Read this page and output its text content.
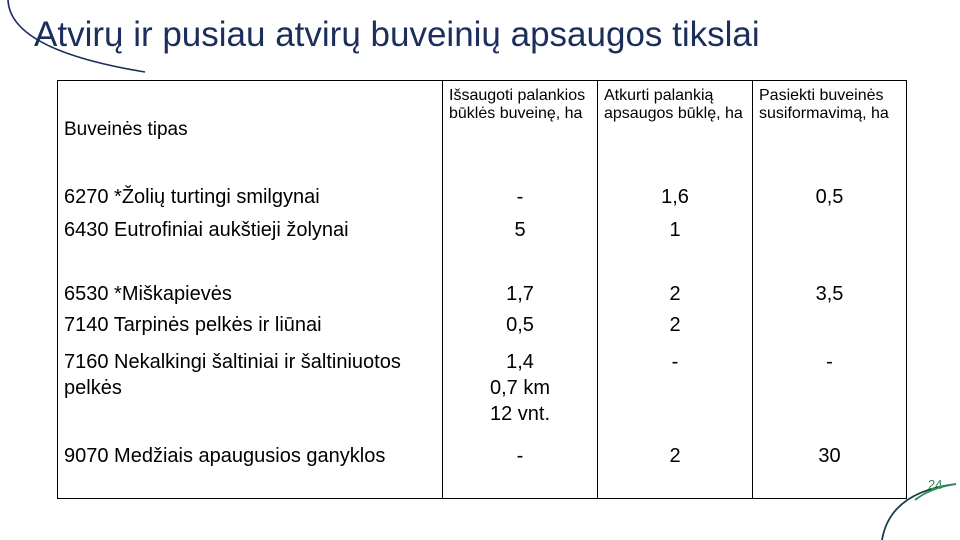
Atvirų ir pusiau atvirų buveinių apsaugos tikslai
Buveinės tipas	Išsaugoti palankios būklės buveinę, ha	Atkurti palankią apsaugos būklę, ha	Pasiekti buveinės susiformavimą, ha
6270 *Žolių turtingi smilgynai	-	1,6	0,5
6430 Eutrofiniai aukštieji žolynai	5	1	
6530 *Miškapievės	1,7	2	3,5
7140 Tarpinės pelkės ir liūnai	0,5	2	
7160 Nekalkingi šaltiniai ir šaltiniuotos pelkės	1,4
0,7 km
12 vnt.	-	-
9070 Medžiais apaugusios ganyklos	-	2	30
24
